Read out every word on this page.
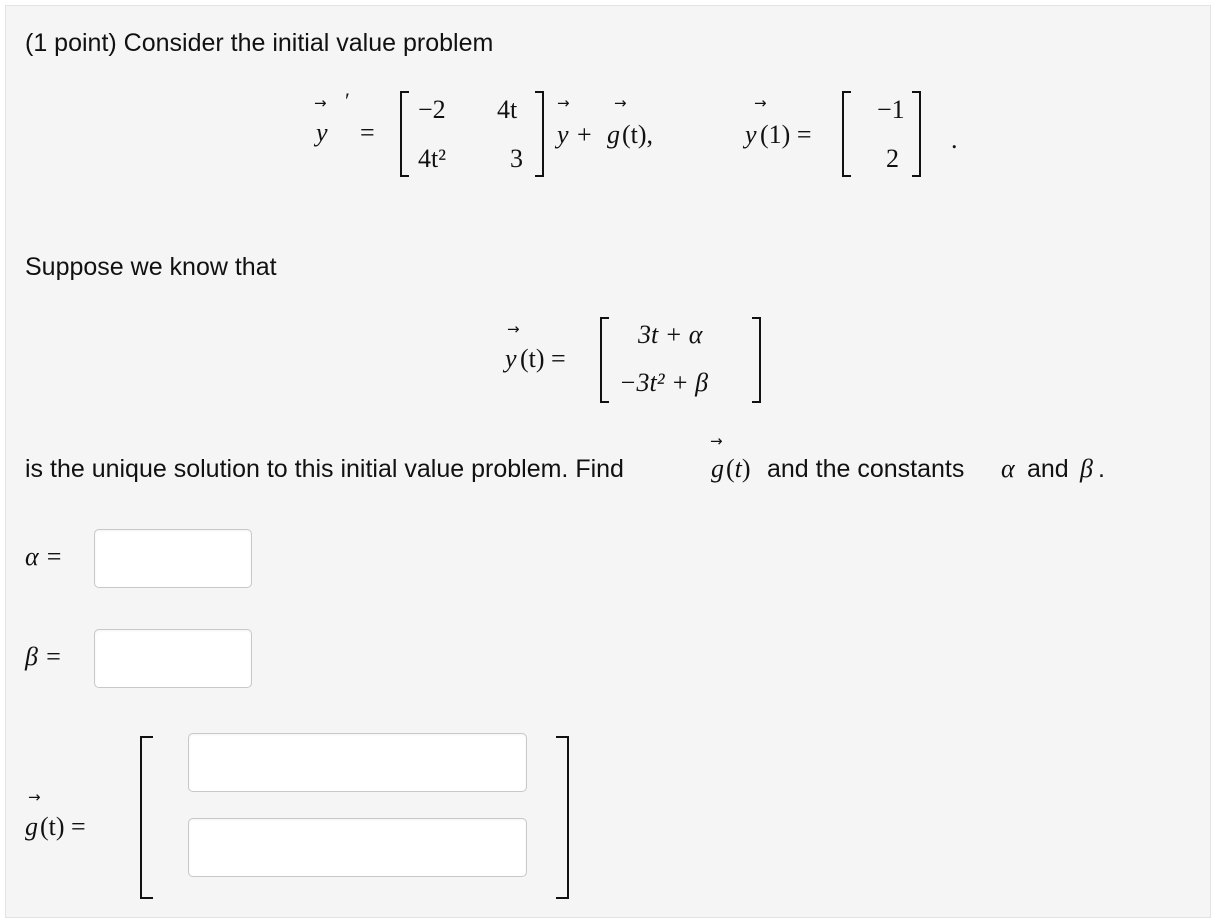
(1 point) Consider the initial value problem
→ ′
y =
−2 4t
4t² 3
→
y +
→
g (t),
→
y (1) =
−1
2
.
Suppose we know that
→
y (t) =
3t + α
−3t² + β
is the unique solution to this initial value problem. Find
→
g (t) and the constants α and β .
α =
β =
→
g (t) =
